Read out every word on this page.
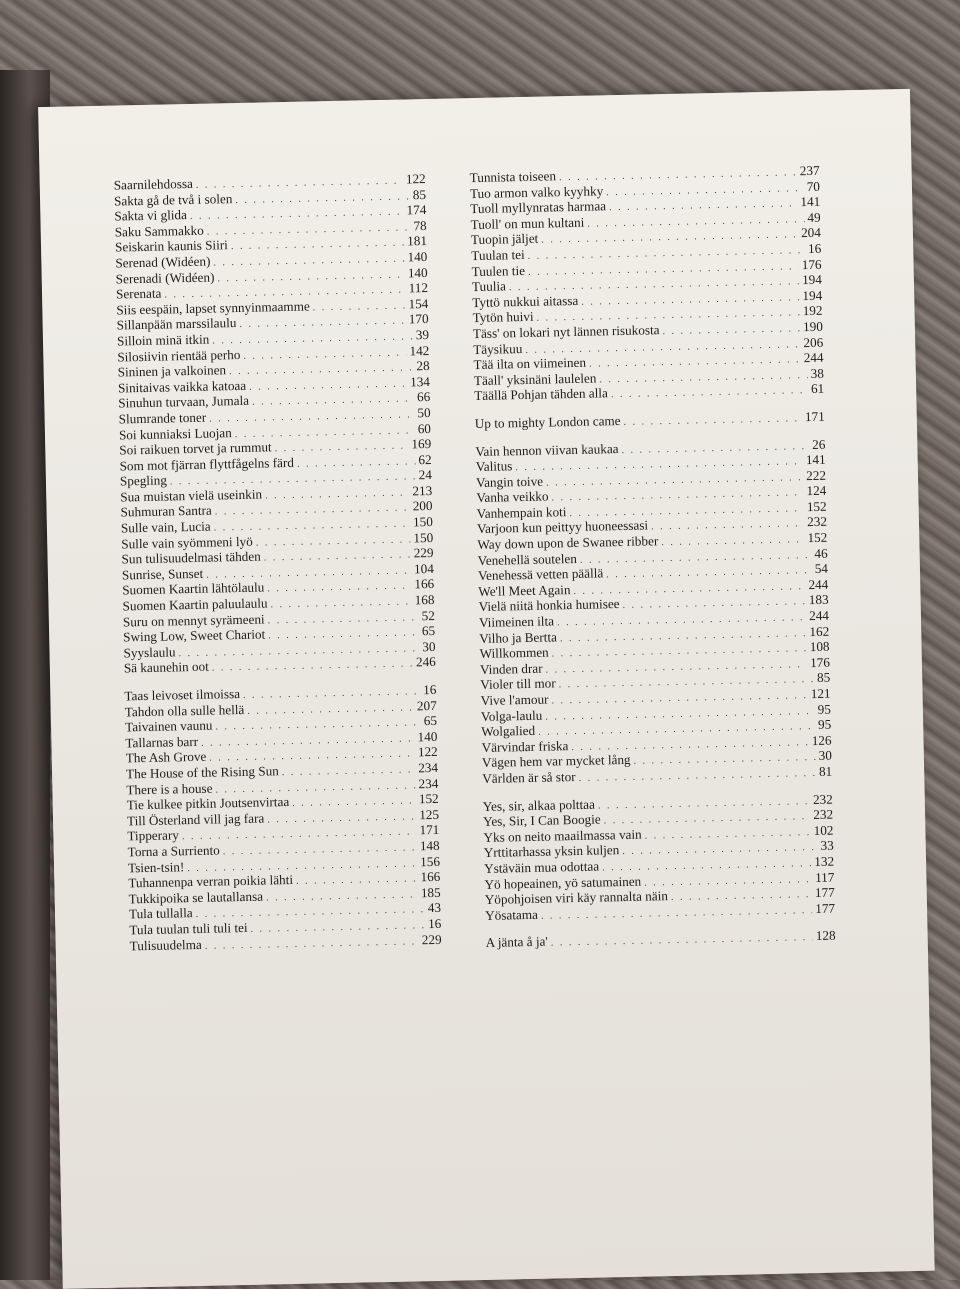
Saarnilehdossa . . .	122
Sakta gå de två i solen . . .	85
Sakta vi glida . . .	174
Saku Sammakko . . .	78
Seiskarin kaunis Siiri . . .	181
Serenad (Widéen) . . .	140
Serenadi (Widéen) . . .	140
Serenata . . .	112
Siis eespäin, lapset synnyinmaamme . . .	154
Sillanpään marssilaulu . . .	170
Silloin minä itkin . . .	39
Silosiivin rientää perho . . .	142
Sininen ja valkoinen . . .	28
Sinitaivas vaikka katoaa . . .	134
Sinuhun turvaan, Jumala . . .	66
Slumrande toner . . .	50
Soi kunniaksi Luojan . . .	60
Soi raikuen torvet ja rummut . . .	169
Som mot fjärran flyttfågelns färd . . .	62
Spegling . . .	24
Sua muistan vielä useinkin . . .	213
Suhmuran Santra . . .	200
Sulle vain, Lucia . . .	150
Sulle vain syömmeni lyö . . .	150
Sun tulisuudelmasi tähden . . .	229
Sunrise, Sunset . . .	104
Suomen Kaartin lähtölaulu . . .	166
Suomen Kaartin paluulaulu . . .	168
Suru on mennyt syrämeeni . . .	52
Swing Low, Sweet Chariot . . .	65
Syyslaulu . . .	30
Sä kaunehin oot . . .	246
Taas leivoset ilmoissa . . .	16
Tahdon olla sulle hellä . . .	207
Taivainen vaunu . . .	65
Tallarnas barr . . .	140
The Ash Grove . . .	122
The House of the Rising Sun . . .	234
There is a house . . .	234
Tie kulkee pitkin Joutsenvirtaa . . .	152
Till Österland vill jag fara . . .	125
Tipperary . . .	171
Torna a Surriento . . .	148
Tsien-tsin! . . .	156
Tuhannenpa verran poikia lähti . . .	166
Tukkipoika se lautallansa . . .	185
Tula tullalla . . .	43
Tula tuulan tuli tuli tei . . .	16
Tulisuudelma . . .	229
Tunnista toiseen . . .	237
Tuo armon valko kyyhky . . .	70
Tuoll myllynratas harmaa . . .	141
Tuoll' on mun kultani . . .	49
Tuopin jäljet . . .	204
Tuulan tei . . .	16
Tuulen tie . . .	176
Tuulia . . .	194
Tyttö nukkui aitassa . . .	194
Tytön huivi . . .	192
Täss' on lokari nyt lännen risukosta . . .	190
Täysikuu . . .	206
Tää ilta on viimeinen . . .	244
Täall' yksinäni laulelen . . .	38
Täällä Pohjan tähden alla . . .	61
Up to mighty London came . . .	171
Vain hennon viivan kaukaa . . .	26
Valitus . . .	141
Vangin toive . . .	222
Vanha veikko . . .	124
Vanhempain koti . . .	152
Varjoon kun peittyy huoneessasi . . .	232
Way down upon de Swanee ribber . . .	152
Venehellä soutelen . . .	46
Venehessä vetten päällä . . .	54
We'll Meet Again . . .	244
Vielä niitä honkia humisee . . .	183
Viimeinen ilta . . .	244
Vilho ja Bertta . . .	162
Willkommen . . .	108
Vinden drar . . .	176
Violer till mor . . .	85
Vive l'amour . . .	121
Volga-laulu . . .	95
Wolgalied . . .	95
Värvindar friska . . .	126
Vägen hem var mycket lång . . .	30
Världen är så stor . . .	81
Yes, sir, alkaa polttaa . . .	232
Yes, Sir, I Can Boogie . . .	232
Yks on neito maailmassa vain . . .	102
Yrttitarhassa yksin kuljen . . .	33
Ystäväin mua odottaa . . .	132
Yö hopeainen, yö satumainen . . .	117
Yöpohjoisen viri käy rannalta näin . . .	177
Yösatama . . .	177
A jänta å ja' . . .	128
